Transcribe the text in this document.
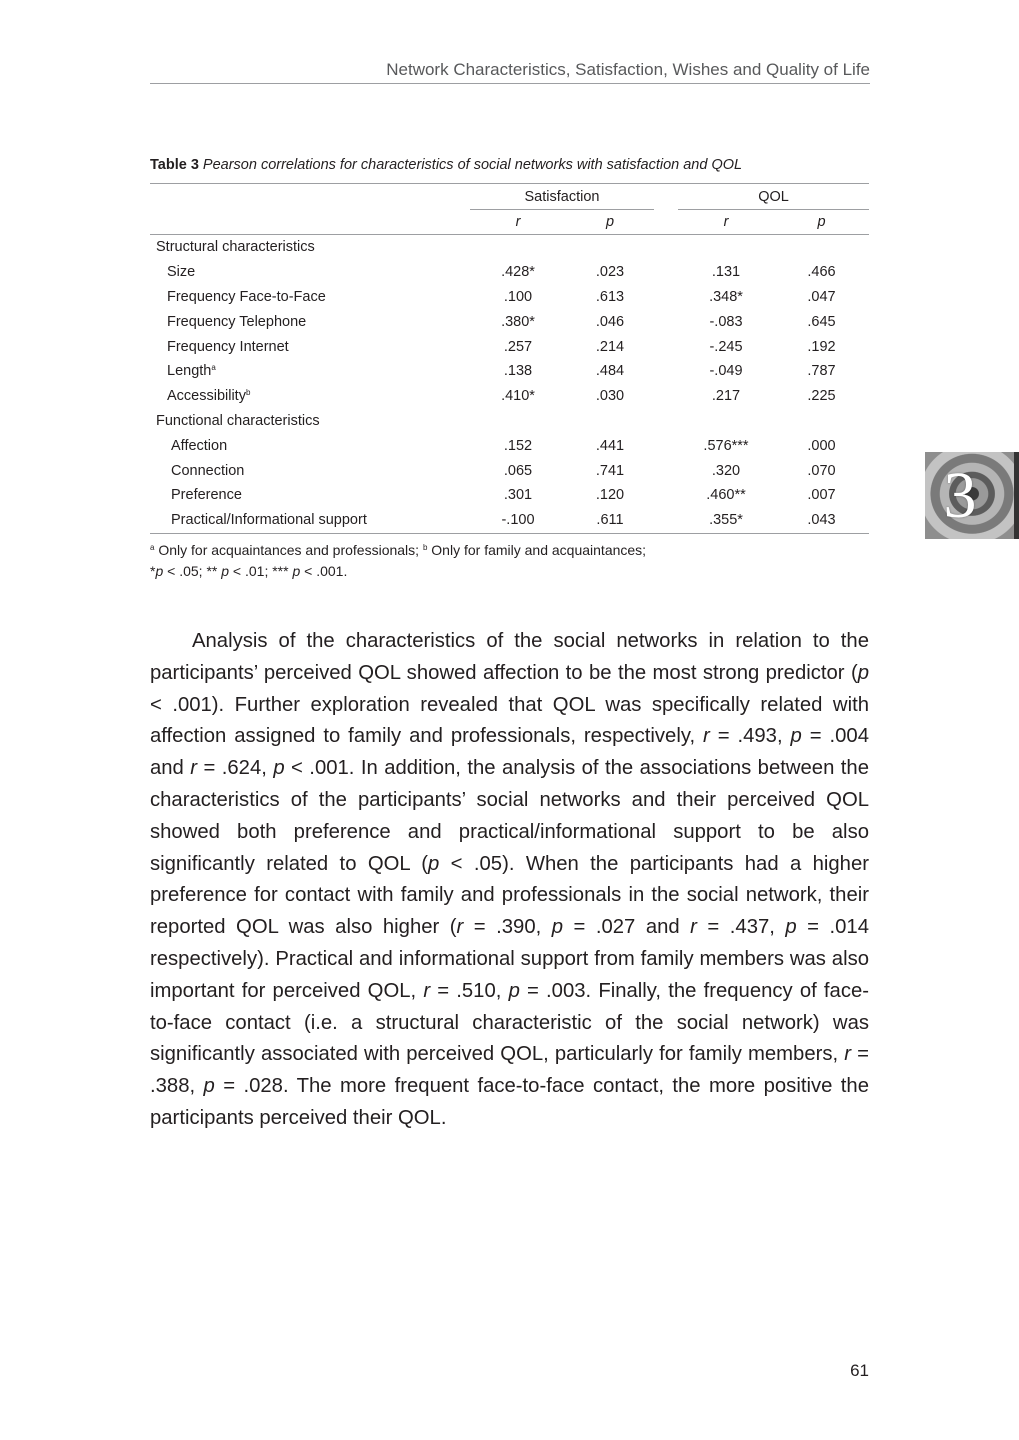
Network Characteristics, Satisfaction, Wishes and Quality of Life
Table 3 Pearson correlations for characteristics of social networks with satisfaction and QOL
	Satisfaction			QOL	
	r	p		r	p
Structural characteristics					
Size	.428*	.023		.131	.466
Frequency Face-to-Face	.100	.613		.348*	.047
Frequency Telephone	.380*	.046		-.083	.645
Frequency Internet	.257	.214		-.245	.192
Length$^a$	.138	.484		-.049	.787
Accessibility$^b$	.410*	.030		.217	.225
Functional characteristics					
Affection	.152	.441		.576***	.000
Connection	.065	.741		.320	.070
Preference	.301	.120		.460**	.007
Practical/Informational support	-.100	.611		.355*	.043
$^a$ Only for acquaintances and professionals; $^b$ Only for family and acquaintances;
*p < .05; ** p < .01; *** p < .001.

Analysis of the characteristics of the social networks in relation to the participants’ perceived QOL showed affection to be the most strong predictor (p < .001). Further exploration revealed that QOL was specifically related with affection assigned to family and professionals, respectively, r = .493, p = .004 and r = .624, p < .001. In addition, the analysis of the associations between the characteristics of the participants’ social networks and their perceived QOL showed both preference and practical/informational support to be also significantly related to QOL (p < .05). When the participants had a higher preference for contact with family and professionals in the social network, their reported QOL was also higher (r = .390, p = .027 and r = .437, p = .014 respectively). Practical and informational support from family members was also important for perceived QOL, r = .510, p = .003. Finally, the frequency of face-to-face contact (i.e. a structural characteristic of the social network) was significantly associated with perceived QOL, particularly for family members, r = .388, p = .028. The more frequent face-to-face contact, the more positive the participants perceived their QOL.

3
61
